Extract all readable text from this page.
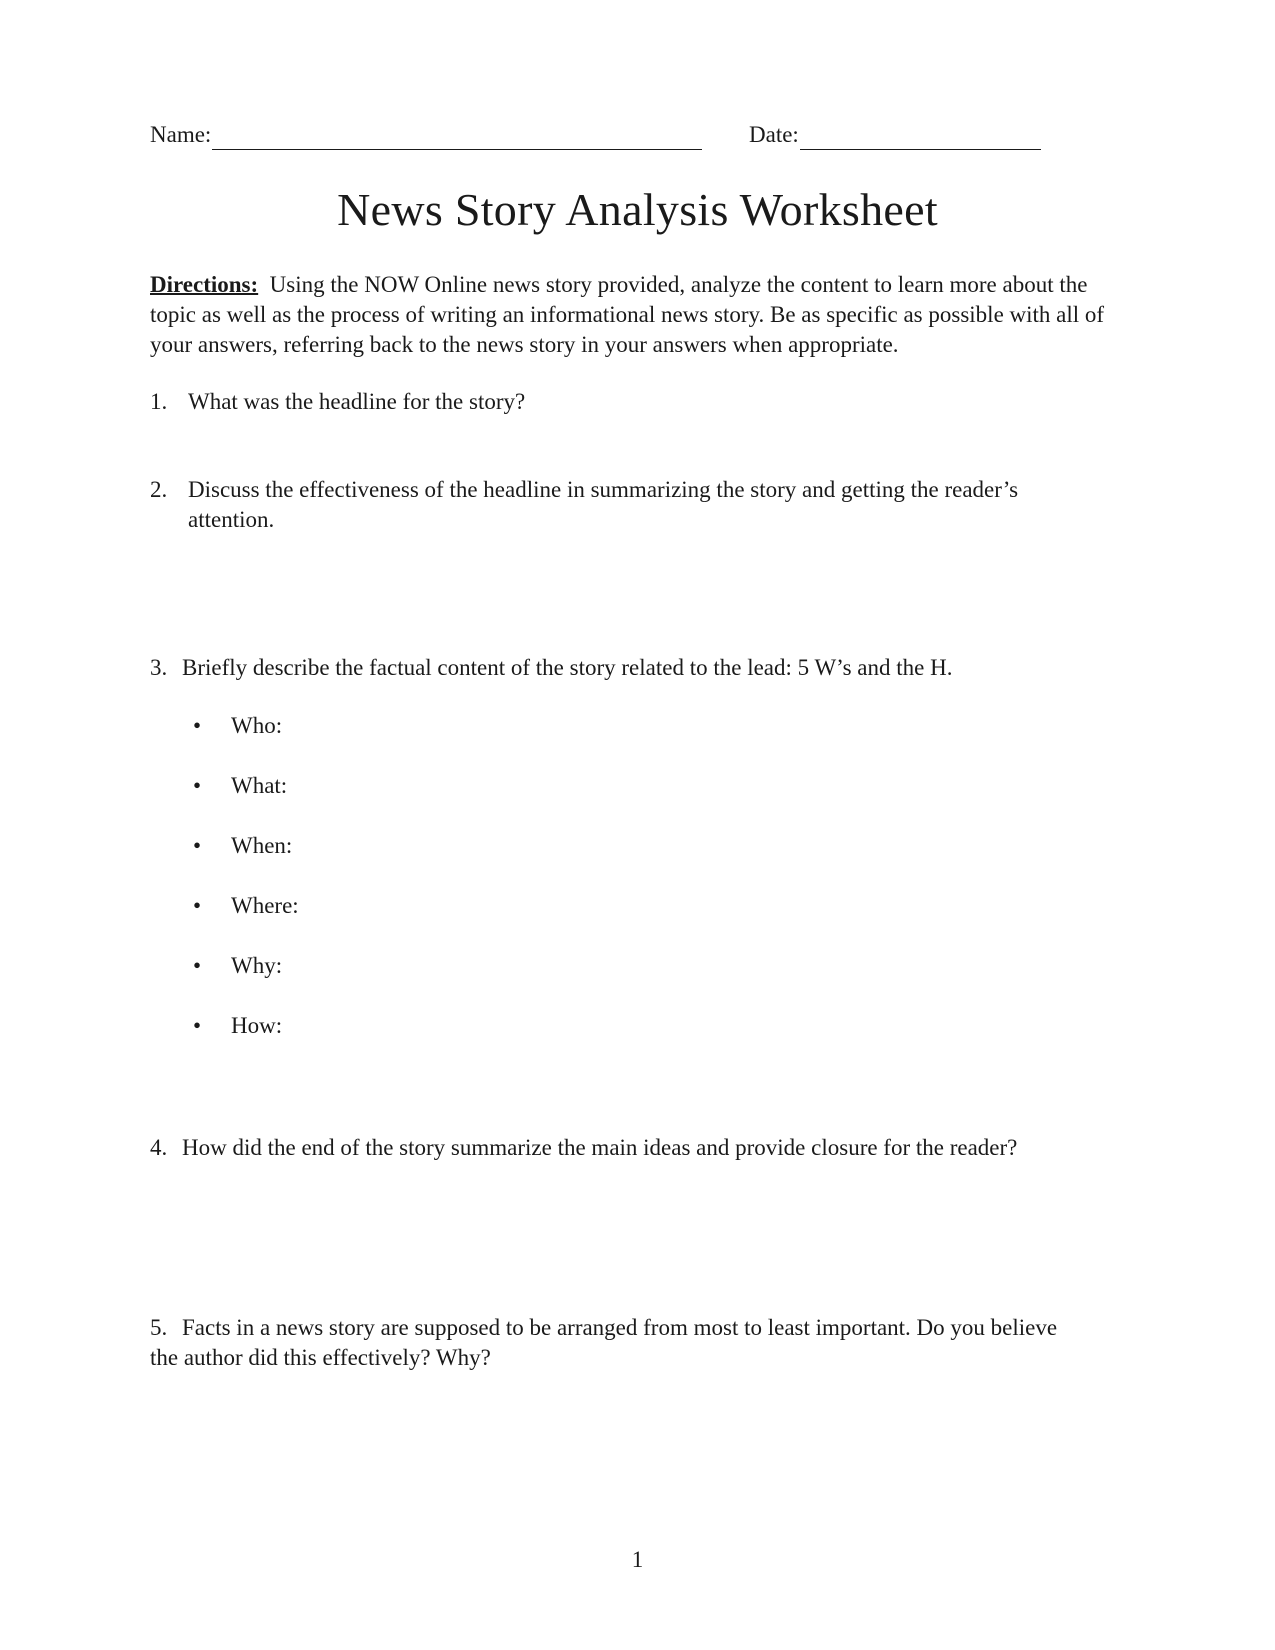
Name:	Date:
News Story Analysis Worksheet
Directions: Using the NOW Online news story provided, analyze the content to learn more about the topic as well as the process of writing an informational news story. Be as specific as possible with all of your answers, referring back to the news story in your answers when appropriate.
1. What was the headline for the story?
2. Discuss the effectiveness of the headline in summarizing the story and getting the reader’s
attention.
3. Briefly describe the factual content of the story related to the lead: 5 W’s and the H.
• Who:
• What:
• When:
• Where:
• Why:
• How:
4. How did the end of the story summarize the main ideas and provide closure for the reader?
5. Facts in a news story are supposed to be arranged from most to least important. Do you believe
the author did this effectively? Why?
1
